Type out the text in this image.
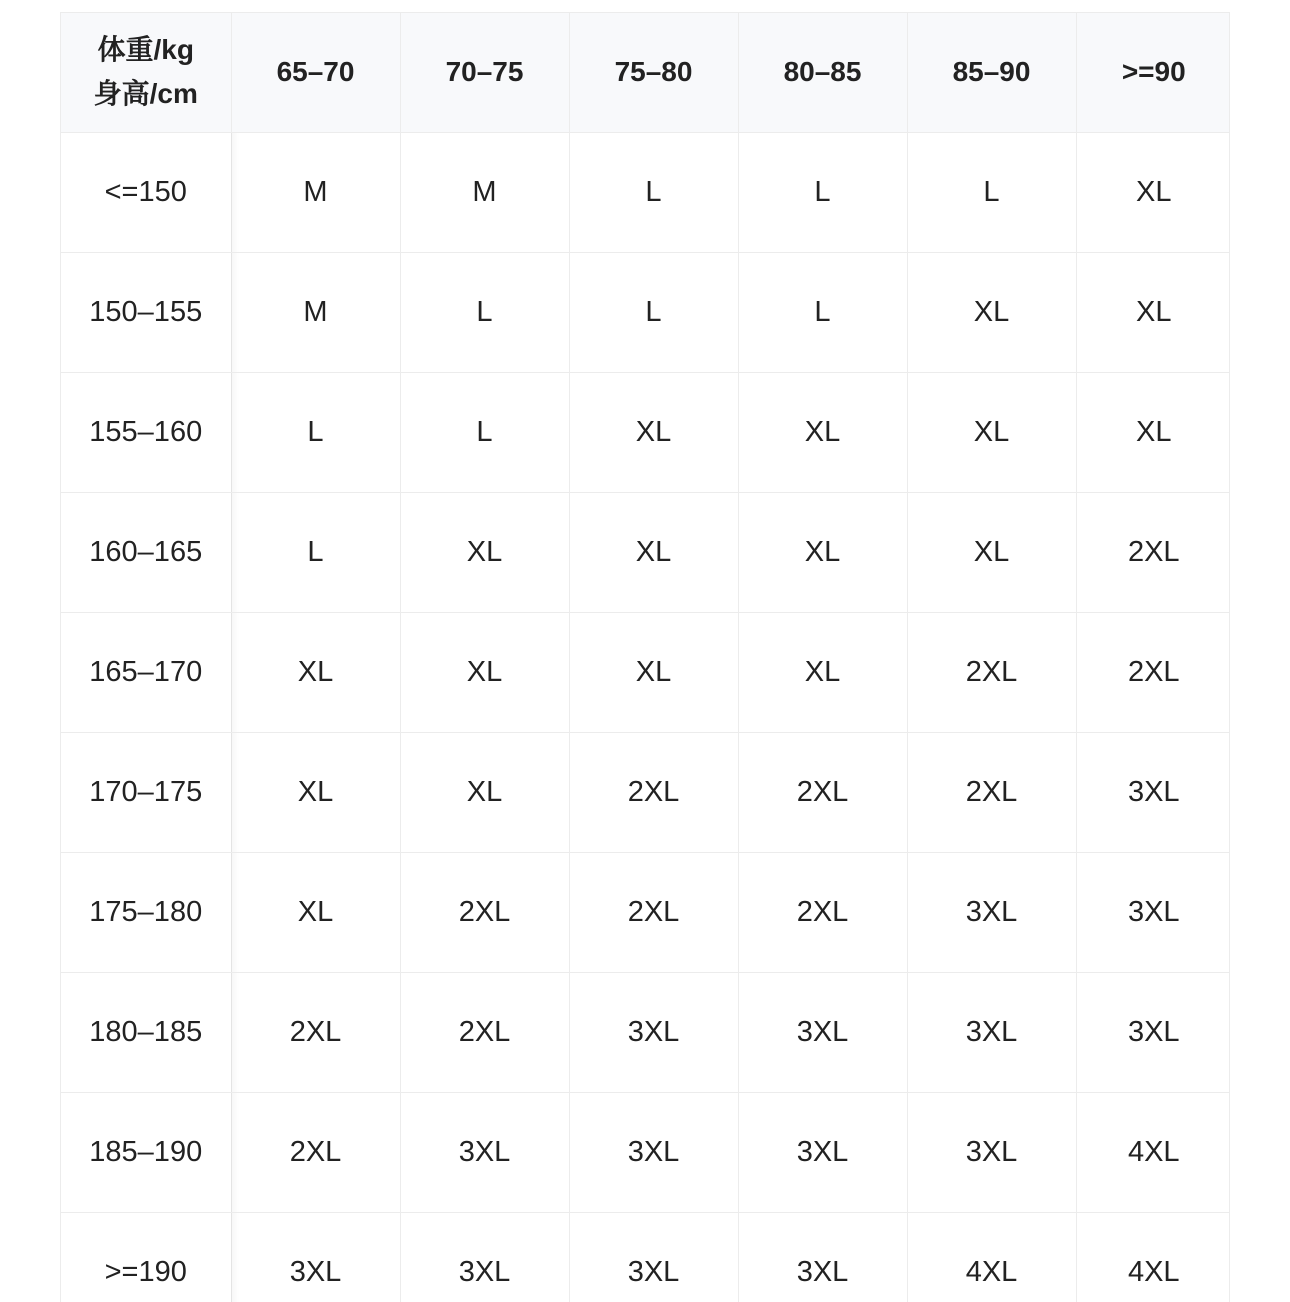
体重/kg
身高/cm	65–70	70–75	75–80	80–85	85–90	>=90
<=150	M	M	L	L	L	XL
150–155	M	L	L	L	XL	XL
155–160	L	L	XL	XL	XL	XL
160–165	L	XL	XL	XL	XL	2XL
165–170	XL	XL	XL	XL	2XL	2XL
170–175	XL	XL	2XL	2XL	2XL	3XL
175–180	XL	2XL	2XL	2XL	3XL	3XL
180–185	2XL	2XL	3XL	3XL	3XL	3XL
185–190	2XL	3XL	3XL	3XL	3XL	4XL
>=190	3XL	3XL	3XL	3XL	4XL	4XL
